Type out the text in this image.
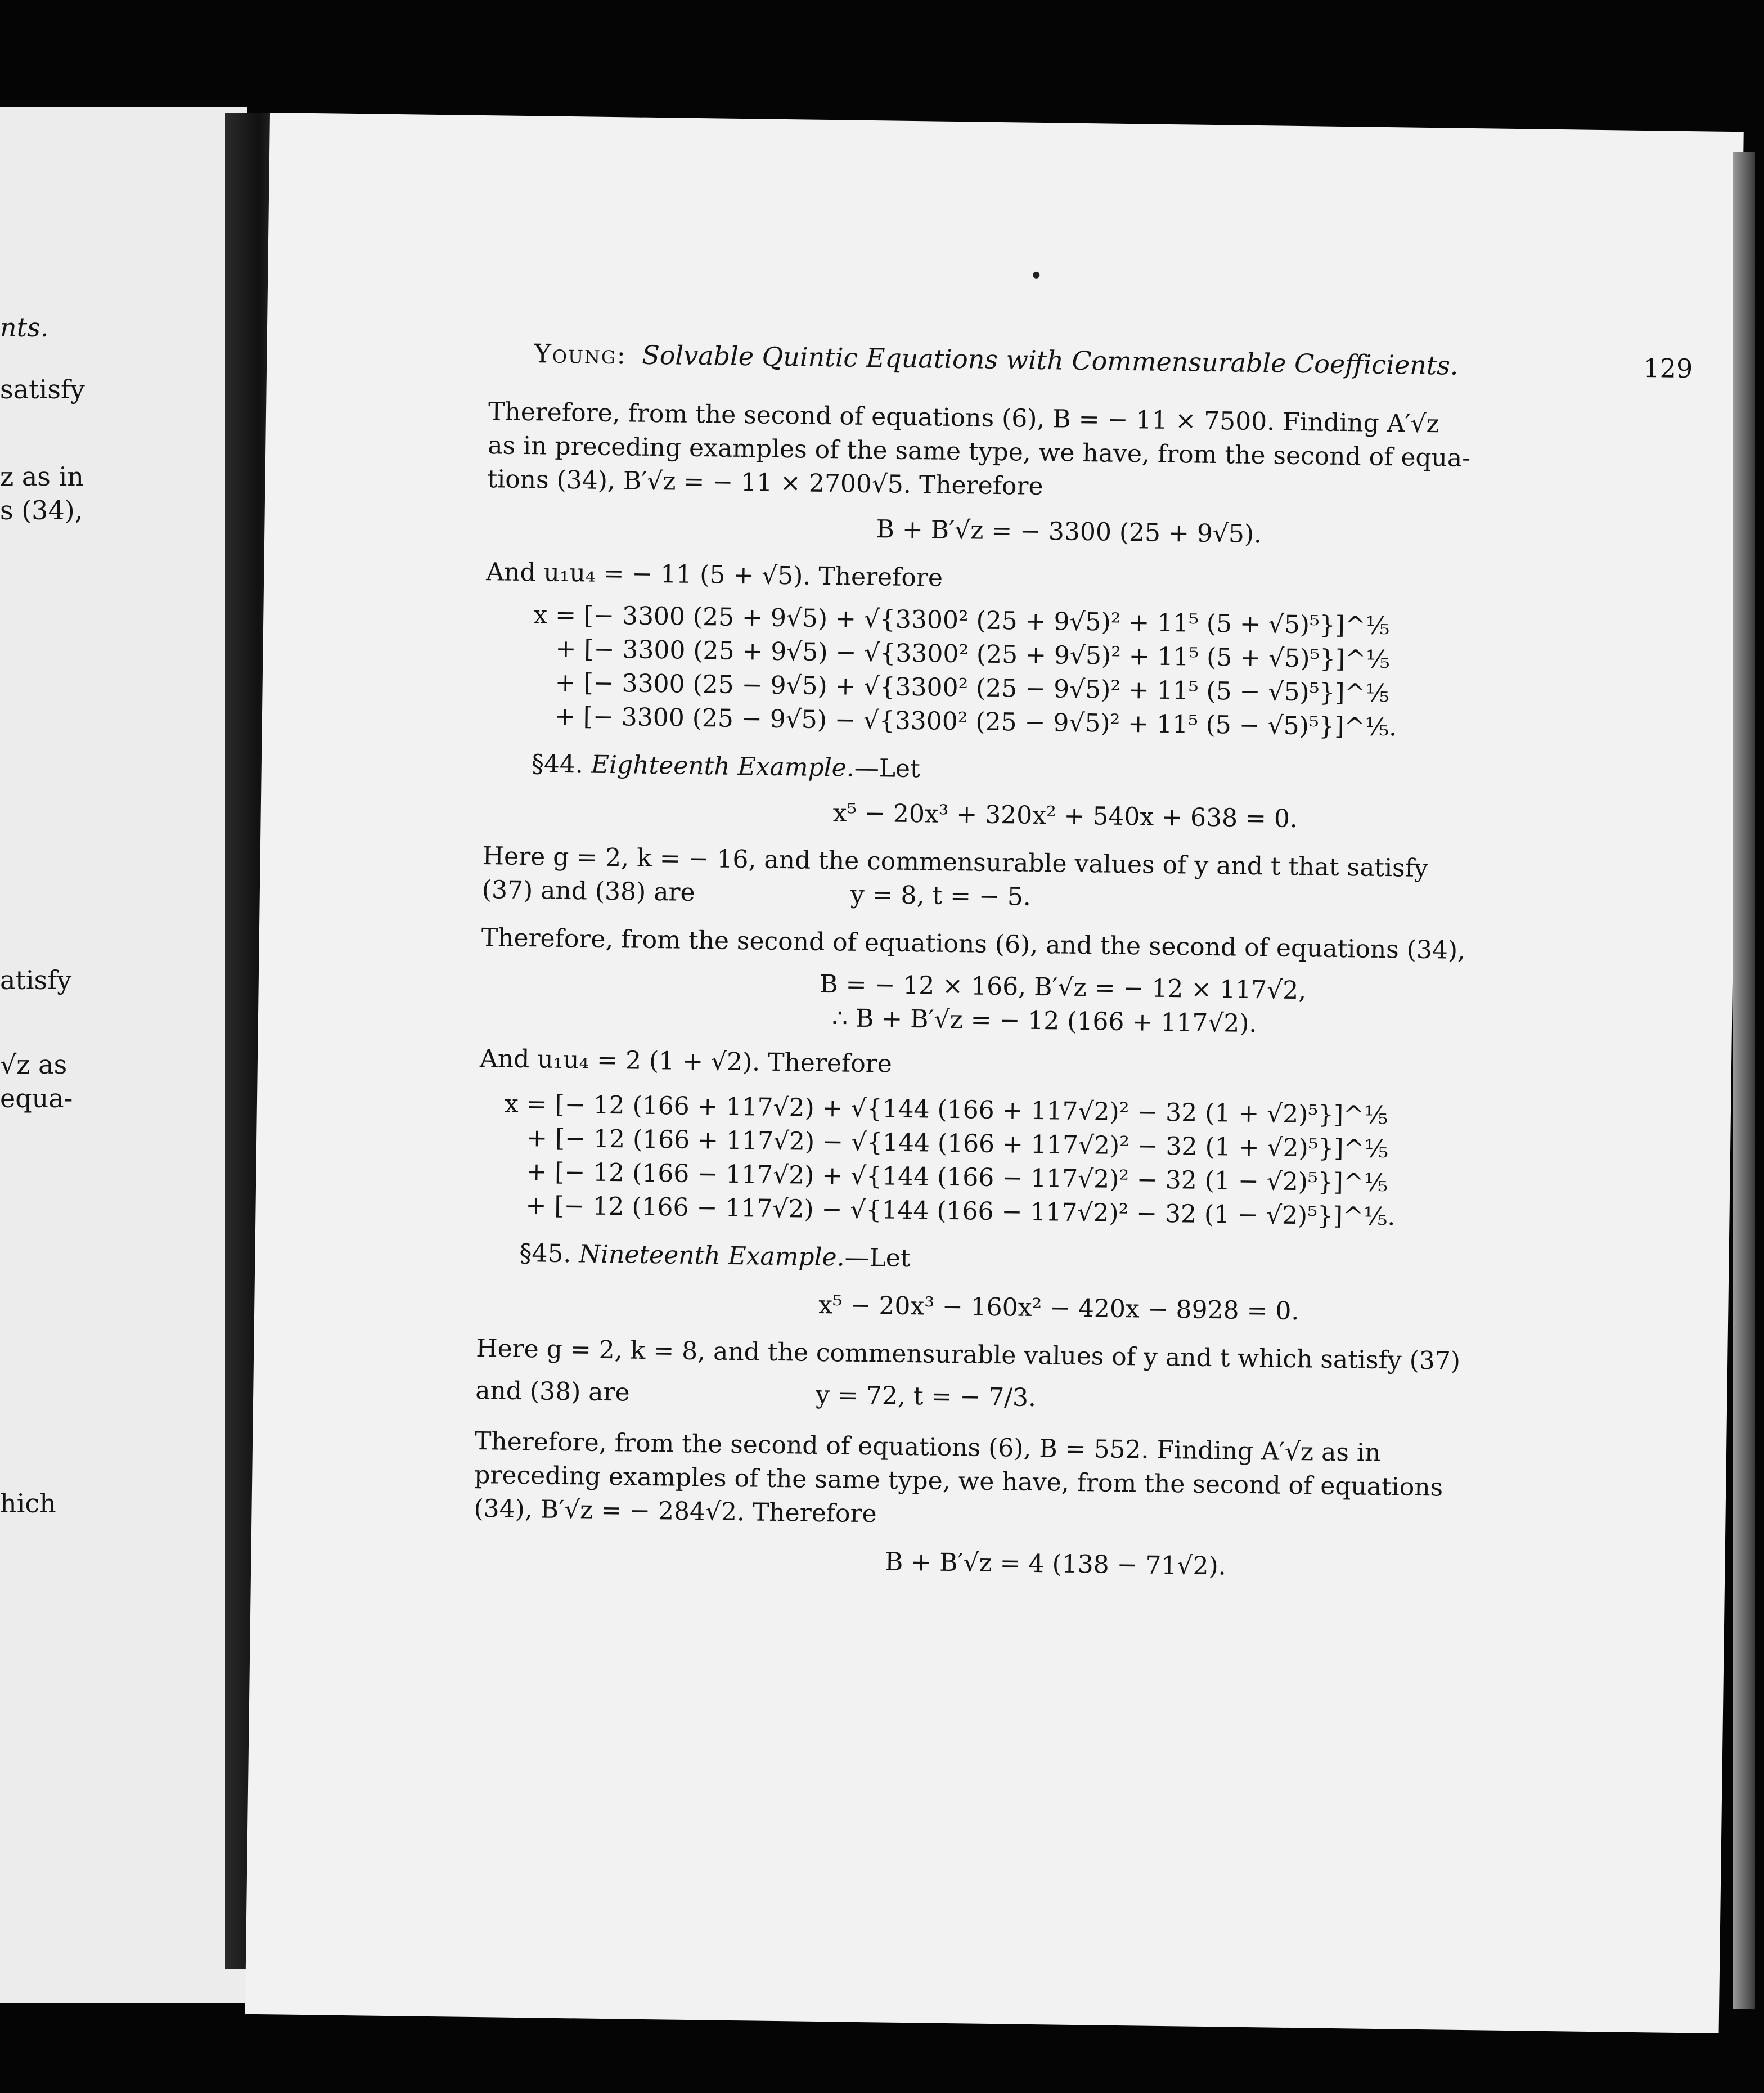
nts.
satisfy
z as in
s (34),
atisfy
√z as
equa-
hich
Young: Solvable Quintic Equations with Commensurable Coefficients.	129
Therefore, from the second of equations (6), B = − 11 × 7500. Finding A′√z
as in preceding examples of the same type, we have, from the second of equa-
tions (34), B′√z = − 11 × 2700√5. Therefore
B + B′√z = − 3300 (25 + 9√5).
And u₁u₄ = − 11 (5 + √5). Therefore
x = [− 3300 (25 + 9√5) + √{3300² (25 + 9√5)² + 11⁵ (5 + √5)⁵}]^⅕
+ [− 3300 (25 + 9√5) − √{3300² (25 + 9√5)² + 11⁵ (5 + √5)⁵}]^⅕
+ [− 3300 (25 − 9√5) + √{3300² (25 − 9√5)² + 11⁵ (5 − √5)⁵}]^⅕
+ [− 3300 (25 − 9√5) − √{3300² (25 − 9√5)² + 11⁵ (5 − √5)⁵}]^⅕.
§44. Eighteenth Example.—Let
x⁵ − 20x³ + 320x² + 540x + 638 = 0.
Here g = 2, k = − 16, and the commensurable values of y and t that satisfy
(37) and (38) are	y = 8, t = − 5.
Therefore, from the second of equations (6), and the second of equations (34),
B = − 12 × 166, B′√z = − 12 × 117√2,
∴ B + B′√z = − 12 (166 + 117√2).
And u₁u₄ = 2 (1 + √2). Therefore
x = [− 12 (166 + 117√2) + √{144 (166 + 117√2)² − 32 (1 + √2)⁵}]^⅕
+ [− 12 (166 + 117√2) − √{144 (166 + 117√2)² − 32 (1 + √2)⁵}]^⅕
+ [− 12 (166 − 117√2) + √{144 (166 − 117√2)² − 32 (1 − √2)⁵}]^⅕
+ [− 12 (166 − 117√2) − √{144 (166 − 117√2)² − 32 (1 − √2)⁵}]^⅕.
§45. Nineteenth Example.—Let
x⁵ − 20x³ − 160x² − 420x − 8928 = 0.
Here g = 2, k = 8, and the commensurable values of y and t which satisfy (37)
and (38) are	y = 72, t = − 7/3.
Therefore, from the second of equations (6), B = 552. Finding A′√z as in
preceding examples of the same type, we have, from the second of equations
(34), B′√z = − 284√2. Therefore
B + B′√z = 4 (138 − 71√2).
